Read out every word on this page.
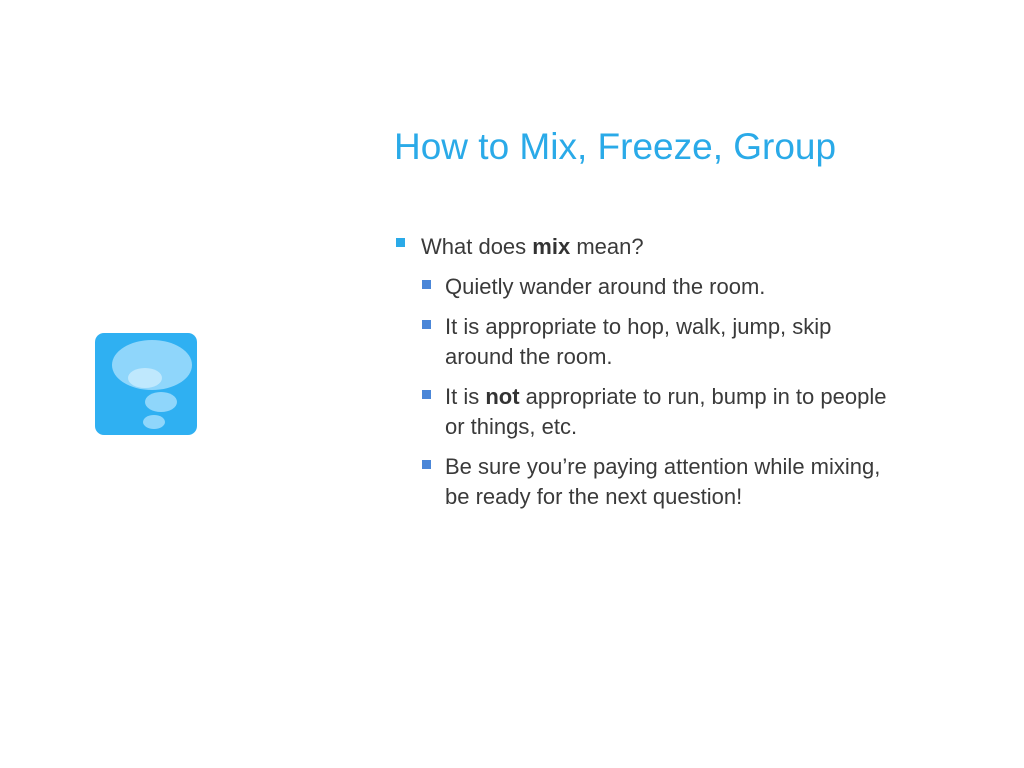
How to Mix, Freeze, Group
What does mix mean?
Quietly wander around the room.
It is appropriate to hop, walk, jump, skip around the room.
It is not appropriate to run, bump in to people or things, etc.
Be sure you’re paying attention while mixing, be ready for the next question!
